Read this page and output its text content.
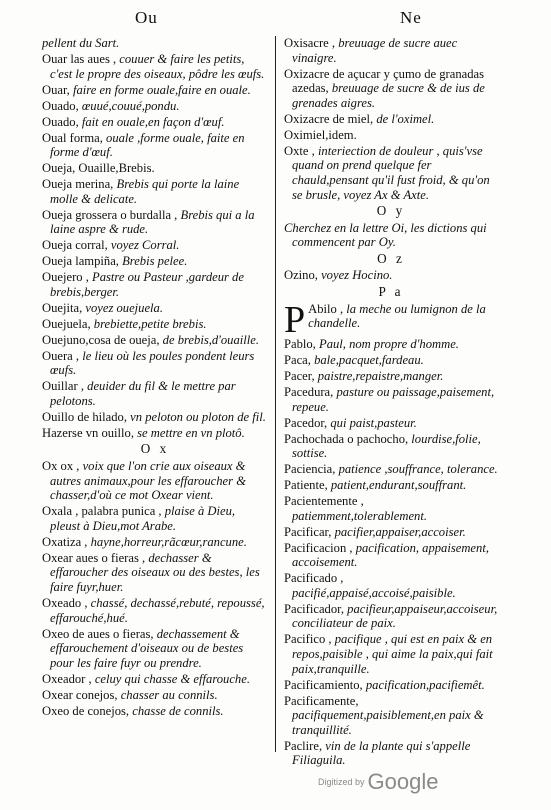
Ou	Ne
pellent du Sart.
Ouar las aues , couuer & faire les petits, c'est le propre des oiseaux, pôdre les œufs.
Ouar, faire en forme ouale,faire en ouale.
Ouado, œuué,couué,pondu.
Ouado, fait en ouale,en façon d'œuf.
Oual forma, ouale ,forme ouale, faite en forme d'œuf.
Oueja, Ouaille,Brebis.
Oueja merina, Brebis qui porte la laine molle & delicate.
Oueja grossera o burdalla , Brebis qui a la laine aspre & rude.
Oueja corral, voyez Corral.
Oueja lampiña, Brebis pelee.
Ouejero , Pastre ou Pasteur ,gardeur de brebis,berger.
Ouejita, voyez ouejuela.
Ouejuela, brebiette,petite brebis.
Ouejuno,cosa de oueja, de brebis,d'ouaille.
Ouera , le lieu où les poules pondent leurs œufs.
Ouillar , deuider du fil & le mettre par pelotons.
Ouillo de hilado, vn peloton ou ploton de fil.
Hazerse vn ouillo, se mettre en vn plotô.
O x
Ox ox , voix que l'on crie aux oiseaux & autres animaux,pour les effaroucher & chasser,d'où ce mot Oxear vient.
Oxala , palabra punica , plaise à Dieu, pleust à Dieu,mot Arabe.
Oxatiza , hayne,horreur,rãcœur,rancune.
Oxear aues o fieras , dechasser & effaroucher des oiseaux ou des bestes, les faire fuyr,huer.
Oxeado , chassé, dechassé,rebuté, repoussé, effarouché,hué.
Oxeo de aues o fieras, dechassement & effarouchement d'oiseaux ou de bestes pour les faire fuyr ou prendre.
Oxeador , celuy qui chasse & effarouche.
Oxear conejos, chasser au connils.
Oxeo de conejos, chasse de connils.
Oxisacre , breuuage de sucre auec vinaigre.
Oxizacre de açucar y çumo de granadas azedas, breuuage de sucre & de ius de grenades aigres.
Oxizacre de miel, de l'oximel.
Oximiel,idem.
Oxte , interiection de douleur , quis'vse quand on prend quelque fer chauld,pensant qu'il fust froid, & qu'on se brusle, voyez Ax & Axte.
O y
Cherchez en la lettre Oi, les dictions qui commencent par Oy.
O z
Ozino, voyez Hocino.
P a
P Abilo , la meche ou lumignon de la chandelle.
Pablo, Paul, nom propre d'homme.
Paca, bale,pacquet,fardeau.
Pacer, paistre,repaistre,manger.
Pacedura, pasture ou paissage,paisement, repeue.
Pacedor, qui paist,pasteur.
Pachochada o pachocho, lourdise,folie, sottise.
Paciencia, patience ,souffrance, tolerance.
Patiente, patient,endurant,souffrant.
Pacientemente , patiemment,tolerablement.
Pacificar, pacifier,appaiser,accoiser.
Pacificacion , pacification, appaisement, accoisement.
Pacificado , pacifié,appaisé,accoisé,paisible.
Pacificador, pacifieur,appaiseur,accoiseur, conciliateur de paix.
Pacifico , pacifique , qui est en paix & en repos,paisible , qui aime la paix,qui fait paix,tranquille.
Pacificamiento, pacification,pacifiemêt.
Pacificamente, pacifiquement,paisiblement,en paix & tranquillité.
Paclire, vin de la plante qui s'appelle Filiaguila.
$^{Digitized by}$ Google
